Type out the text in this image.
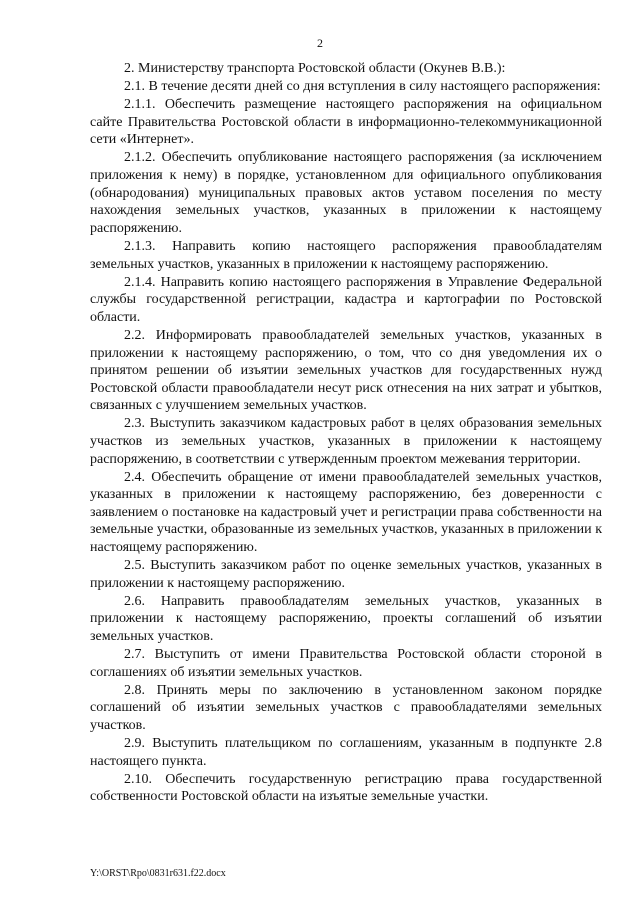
2

2. Министерству транспорта Ростовской области (Окунев В.В.):

2.1. В течение десяти дней со дня вступления в силу настоящего распоряжения:

2.1.1. Обеспечить размещение настоящего распоряжения на официальном сайте Правительства Ростовской области в информационно-телекоммуникационной сети «Интернет».

2.1.2. Обеспечить опубликование настоящего распоряжения (за исключением приложения к нему) в порядке, установленном для официального опубликования (обнародования) муниципальных правовых актов уставом поселения по месту нахождения земельных участков, указанных в приложении к настоящему распоряжению.

2.1.3. Направить копию настоящего распоряжения правообладателям земельных участков, указанных в приложении к настоящему распоряжению.

2.1.4. Направить копию настоящего распоряжения в Управление Федеральной службы государственной регистрации, кадастра и картографии по Ростовской области.

2.2. Информировать правообладателей земельных участков, указанных в приложении к настоящему распоряжению, о том, что со дня уведомления их о принятом решении об изъятии земельных участков для государственных нужд Ростовской области правообладатели несут риск отнесения на них затрат и убытков, связанных с улучшением земельных участков.

2.3. Выступить заказчиком кадастровых работ в целях образования земельных участков из земельных участков, указанных в приложении к настоящему распоряжению, в соответствии с утвержденным проектом межевания территории.

2.4. Обеспечить обращение от имени правообладателей земельных участков, указанных в приложении к настоящему распоряжению, без доверенности с заявлением о постановке на кадастровый учет и регистрации права собственности на земельные участки, образованные из земельных участков, указанных в приложении к настоящему распоряжению.

2.5. Выступить заказчиком работ по оценке земельных участков, указанных в приложении к настоящему распоряжению.

2.6. Направить правообладателям земельных участков, указанных в приложении к настоящему распоряжению, проекты соглашений об изъятии земельных участков.

2.7. Выступить от имени Правительства Ростовской области стороной в соглашениях об изъятии земельных участков.

2.8. Принять меры по заключению в установленном законом порядке соглашений об изъятии земельных участков с правообладателями земельных участков.

2.9. Выступить плательщиком по соглашениям, указанным в подпункте 2.8 настоящего пункта.

2.10. Обеспечить государственную регистрацию права государственной собственности Ростовской области на изъятые земельные участки.

Y:\ORST\Rpo\0831r631.f22.docx
